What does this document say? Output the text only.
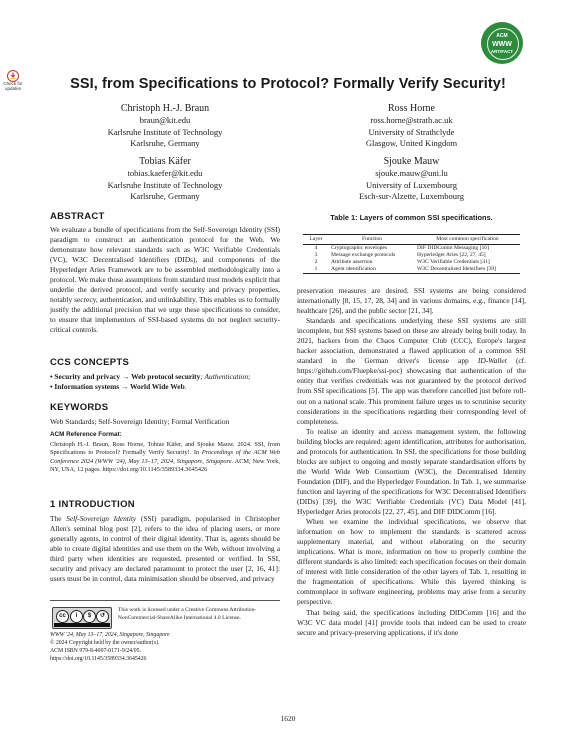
ACM
WWW
ARTIFACT
Check for
updates	SSI, from Specifications to Protocol? Formally Verify Security!
Christoph H.-J. Braun
braun@kit.edu
Karlsruhe Institute of Technology
Karlsruhe, Germany
Ross Horne
ross.horne@strath.ac.uk
University of Strathclyde
Glasgow, United Kingdom
Tobias Käfer
tobias.kaefer@kit.edu
Karlsruhe Institute of Technology
Karlsruhe, Germany
Sjouke Mauw
sjouke.mauw@uni.lu
University of Luxembourg
Esch-sur-Alzette, Luxembourg
ABSTRACT
We evaluate a bundle of specifications from the Self-Sovereign Identity (SSI) paradigm to construct an authentication protocol for the Web. We demonstrate how relevant standards such as W3C Verifiable Credentials (VC), W3C Decentralised Identifiers (DIDs), and components of the Hyperledger Aries Framework are to be assembled methodologically into a protocol. We make those assumptions from standard trust models explicit that underlie the derived protocol, and verify security and privacy properties, notably secrecy, authentication, and unlinkability. This enables us to formally justify the additional precision that we urge these specifications to consider, to ensure that implementors of SSI-based systems do not neglect security-critical controls.
CCS CONCEPTS
• Security and privacy → Web protocol security; Authentication;
• Information systems → World Wide Web.
KEYWORDS
Web Standards; Self-Sovereign Identity; Formal Verification
ACM Reference Format:
Christoph H.-J. Braun, Ross Horne, Tobias Käfer, and Sjouke Mauw. 2024. SSI, from Specifications to Protocol? Formally Verify Security!. In Proceedings of the ACM Web Conference 2024 (WWW '24), May 13–17, 2024, Singapore, Singapore. ACM, New York, NY, USA, 12 pages. https://doi.org/10.1145/3589334.3645426
1 INTRODUCTION
The Self-Sovereign Identity (SSI) paradigm, popularised in Christopher Allen's seminal blog post [2], refers to the idea of placing users, or more generally agents, in control of their digital identity. That is, agents should be able to create digital identities and use them on the Web, without involving a third party when identities are requested, presented or verified. In SSI, security and privacy are declared paramount to protect the user [2, 16, 41]: users must be in control, data minimisation should be observed, and privacy
cc	i	$	↺
This work is licensed under a Creative Commons Attribution-NonCommercial-ShareAlike International 4.0 License.
WWW '24, May 13–17, 2024, Singapore, Singapore
© 2024 Copyright held by the owner/author(s).
ACM ISBN 979-8-4007-0171-9/24/05.
https://doi.org/10.1145/3589334.3645426
Table 1: Layers of common SSI specifications.
Layer	Function	Most common specification
4	Cryptographic envelopes	DIF DIDComm Messaging [16]
3	Message exchange protocols	Hyperledger Aries [22, 27, 45]
2	Attribute assertion	W3C Verifiable Credentials [41]
1	Agent identification	W3C Decentralised Identifiers [39]

preservation measures are desired. SSI systems are being considered internationally [8, 15, 17, 28, 34] and in various domains, e.g., finance [14], healthcare [26], and the public sector [21, 34].

Standards and specifications underlying these SSI systems are still incomplete, but SSI systems based on these are already being built today. In 2021, hackers from the Chaos Computer Club (CCC), Europe's largest hacker association, demonstrated a flawed application of a common SSI standard in the German driver's license app ID-Wallet (cf. https://github.com/Fluepke/ssi-poc) showcasing that authentication of the entity that verifies credentials was not guaranteed by the protocol derived from SSI specifications [5]. The app was therefore cancelled just before roll-out on a national scale. This prominent failure urges us to scrutinise security considerations in the specifications regarding their corresponding level of completeness.

To realise an identity and access management system, the following building blocks are required: agent identification, attributes for authorisation, and protocols for authentication. In SSI, the specifications for those building blocks are subject to ongoing and mostly separate standardisation efforts by the World Wide Web Consortium (W3C), the Decentralised Identity Foundation (DIF), and the Hyperledger Foundation. In Tab. 1, we summarise function and layering of the specifications for W3C Decentralised Identifiers (DIDs) [39], the W3C Verifiable Credentials (VC) Data Model [41], Hyperledger Aries protocols [22, 27, 45], and DIF DIDComm [16].

When we examine the individual specifications, we observe that information on how to implement the standards is scattered across supplementary material, and without elaborating on the security implications. What is more, information on how to properly combine the different standards is also limited: each specification focuses on their domain of interest with little consideration of the other layers of Tab. 1, resulting in the fragmentation of specifications. While this layered thinking is commonplace in software engineering, problems may arise from a security perspective.

That being said, the specifications including DIDComm [16] and the W3C VC data model [41] provide tools that indeed can be used to create secure and privacy-preserving applications, if it's done

1620
